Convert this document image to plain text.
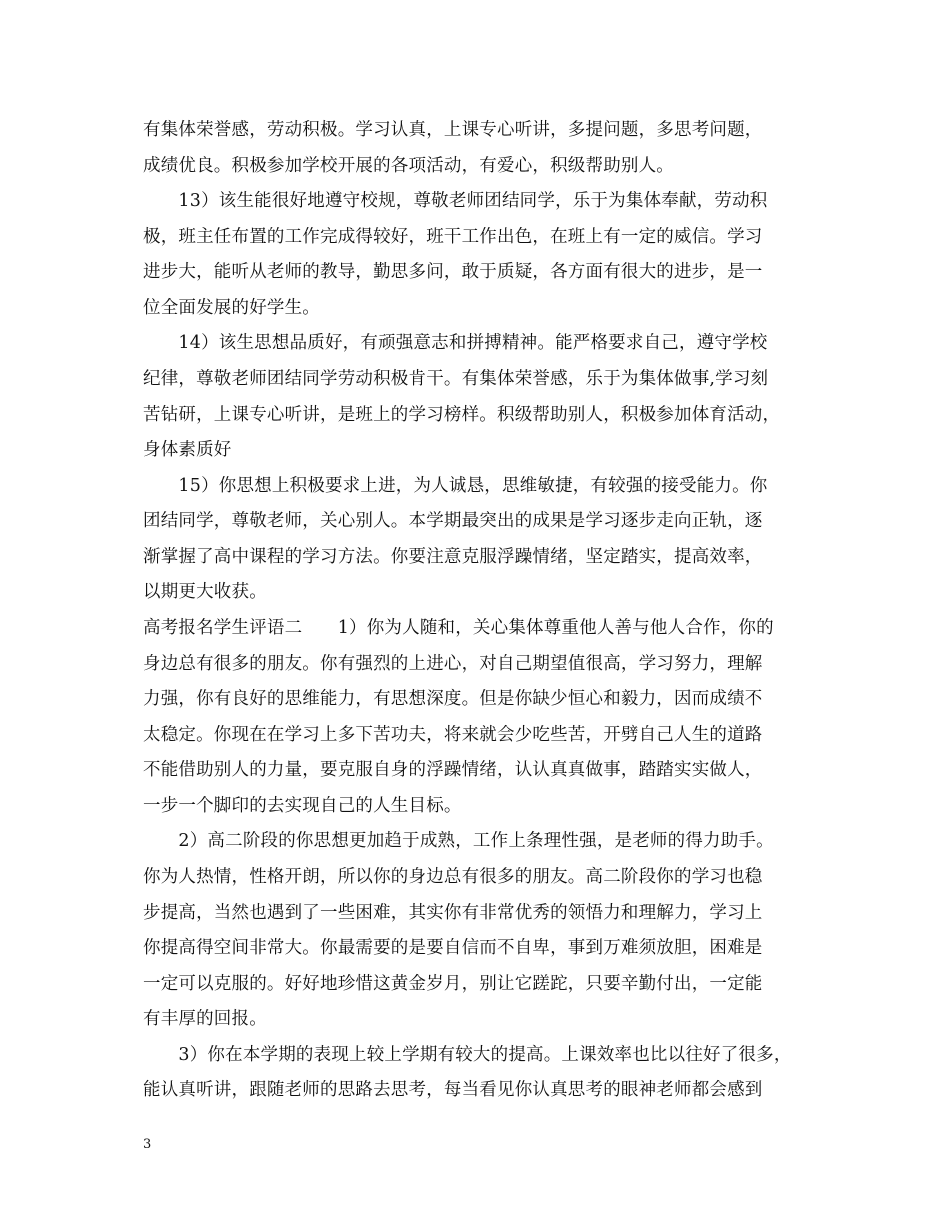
有集体荣誉感，劳动积极。学习认真，上课专心听讲，多提问题，多思考问题，
成绩优良。积极参加学校开展的各项活动，有爱心，积级帮助别人。
　　13）该生能很好地遵守校规，尊敬老师团结同学，乐于为集体奉献，劳动积
极，班主任布置的工作完成得较好，班干工作出色，在班上有一定的威信。学习
进步大，能听从老师的教导，勤思多问，敢于质疑，各方面有很大的进步，是一
位全面发展的好学生。
　　14）该生思想品质好，有顽强意志和拼搏精神。能严格要求自己，遵守学校
纪律，尊敬老师团结同学劳动积极肯干。有集体荣誉感，乐于为集体做事,学习刻
苦钻研，上课专心听讲，是班上的学习榜样。积级帮助别人，积极参加体育活动，
身体素质好
　　15）你思想上积极要求上进，为人诚恳，思维敏捷，有较强的接受能力。你
团结同学，尊敬老师，关心别人。本学期最突出的成果是学习逐步走向正轨，逐
渐掌握了高中课程的学习方法。你要注意克服浮躁情绪，坚定踏实，提高效率，
以期更大收获。
高考报名学生评语二　　1）你为人随和，关心集体尊重他人善与他人合作，你的
身边总有很多的朋友。你有强烈的上进心，对自己期望值很高，学习努力，理解
力强，你有良好的思维能力，有思想深度。但是你缺少恒心和毅力，因而成绩不
太稳定。你现在在学习上多下苦功夫，将来就会少吃些苦，开劈自己人生的道路
不能借助别人的力量，要克服自身的浮躁情绪，认认真真做事，踏踏实实做人，
一步一个脚印的去实现自己的人生目标。
　　2）高二阶段的你思想更加趋于成熟，工作上条理性强，是老师的得力助手。
你为人热情，性格开朗，所以你的身边总有很多的朋友。高二阶段你的学习也稳
步提高，当然也遇到了一些困难，其实你有非常优秀的领悟力和理解力，学习上
你提高得空间非常大。你最需要的是要自信而不自卑，事到万难须放胆，困难是
一定可以克服的。好好地珍惜这黄金岁月，别让它蹉跎，只要辛勤付出，一定能
有丰厚的回报。
　　3）你在本学期的表现上较上学期有较大的提高。上课效率也比以往好了很多，
能认真听讲，跟随老师的思路去思考，每当看见你认真思考的眼神老师都会感到
3
